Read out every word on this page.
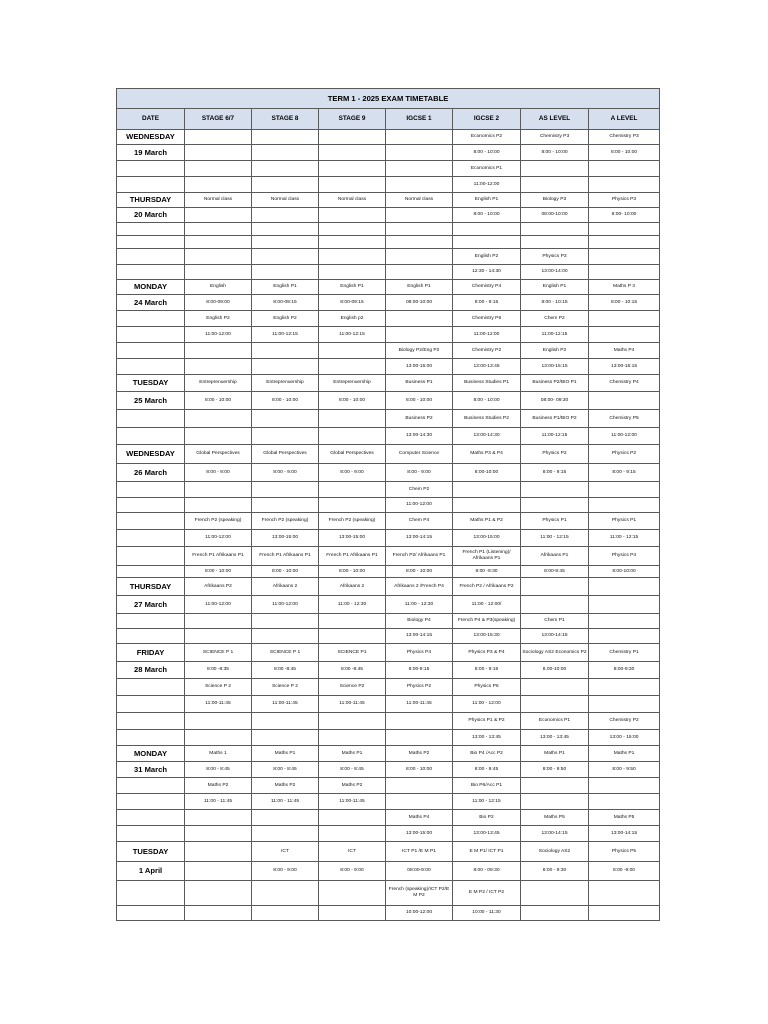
TERM 1 - 2025 EXAM TIMETABLE							
DATE	STAGE 6/7	STAGE 8	STAGE 9	IGCSE 1	IGCSE 2	AS LEVEL	A LEVEL
WEDNESDAY					Economics P2	Chemistry P3	Chemistry P3
19 March					8:00 - 10:00	8:00 - 10:00	8:00 - 10:00
					Economics P1		
					11:00-12:00		
THURSDAY	Normal class	Normal class	Normal class	Normal class	English P1	Biology P3	Physics P3
20 March					8:00 - 10:00	08:00-10:00	8:00- 10:00

					English P2	Physics P3	
					12:30 - 14:30	13:00-14:00	
MONDAY	English	English P1	English P1	English P1	Chemistry P4	English P1	Maths P 3
24 March	8:00-09:00	8:00-09:15	8:00-09:15	08:00-10:00	8:00 - 9:15	8:00 - 10:15	8:00 - 10:15
	English P2	English P2	English p2		Chemistry P6	Chem P2	
	11:00-12:00	11:00-12:15	11:00-12:15		11:00-12:00	11:00-12:15	
				Biology P2/Eng P2	Chemistry P2	English P2	Maths P4
				13:00-15:00	13:00-13:45	13:00-15:15	13:00-15:15
TUESDAY	Entreprenuership	Entreprenuership	Entreprenuership	Business P1	Business Studies P1	Business P2/BIO P1	Chemistry P4
25 March	8:00 - 10:00	8:00 - 10:00	8:00 - 10:00	8:00 - 10:00	8:00 - 10:00	08:00- 09:30	
				Business P2	Business Studies P2	Business P1/BIO P2	Chemistry P5
				13:00-14:30	13:00-14:30	11:00-12:15	11:00-12:00
WEDNESDAY	Global Perspectives	Global Perspectives	Global Perspectives	Computer Science	Maths P3 & P4	Physics P2	Physics P2
26 March	8:00 - 9:00	8:00 - 9:00	8:00 - 9:00	8:00 - 9:00	8:00-10:00	8:00 - 9:15	8:00 - 9:15
				Chem P2			
				11:00-12:00			
	French P2 (speaking)	French P2 (speaking)	French P2 (speaking)	Chem P4	Maths P1 & P2	Physics P1	Physics P1
	11:00-12:00	13:00-15:00	13:00-15:00	13:00-14:15	13:00-15:00	11:00 - 12:15	11:00 - 12:15
	French P1 Afrikaans P1	French P1 Afrikaans P1	French P1 Afrikaans P1	French P2/ Afrikaans P1	French P1 (Listening)/ Afrikaans P1	Afrikaans P1	Physics P4
	8:00 - 10:00	8:00 - 10:00	8:00 - 10:00	8:00 - 10:00	8:00 -9:30	8:00-9:45	8:00-10:00
THURSDAY	Afrikaans P2	Afrikaans 2	Afrikaans 2	Afrikaans 2 /French P4	French P2 / Afrikaans P2		
27 March	11:00-12:00	11:00-12:00	11:00 - 12:30	11:00 - 12:30	11:00 - 12:00/		
				Biology P4	French P4 & P3(speaking)	Chem P1	
				13:00-14:15	13:00-15:30	13:00-14:15	
FRIDAY	SCIENCE P 1	SCIENCE P 1	SCIENCE P1	Physics P4	Physics P3 & P4	Sociology AS2 Economics P2	Chemistry P1
28 March	8:00 -8:35	8:00 -8:45	8:00 -8:45	8:00-9:15	8:00 - 9:15	8.00-10:00	8:00-9:30
	Science P 2	Science P 2	Science P2	Physics P2	Physics P6		
	11:00-11:45	11:00-11:45	11:00-11:45	11:00-11:45	11:00 - 12:00		
					Physics P1 & P2	Economics P1	Chemistry P2
					13:00 - 13:45	13:00 - 13:45	13:00 - 15:00
MONDAY	Maths 1	Maths P1	Maths P1	Maths P2	Bio P4 /Acc P2	Maths P1	Maths P1
31 March	8:00 - 8:45	8:00 - 8:45	8:00 - 8:45	8:00 - 10:00	8:00 - 9:45	8:00 - 9:50	8:00 - 9:50
	Maths P2	Maths P2	Maths P2		Bio P6/Acc P1		
	11:00 - 11:45	11:00 - 11:45	11:00-11:45		11:00 - 12:15		
				Maths P4	Bio P2	Maths P5	Maths P5
				13:00-15:00	13:00-13:45	13:00-14:15	13:00-14:15
TUESDAY		ICT	ICT	ICT P1 /E M P1	E M P1/ ICT P1	Sociology AS2	Physics P5
1 April		8:00 - 9:00	8:00 - 9:00	08:00-9:00	8:00 - 09:30	8:00 - 9:30	8:00 -9:00
				French (speaking)/ICT P2/E M P2	E M P2 / ICT P2		
				10:00-12:00	10:00 - 11:30		
